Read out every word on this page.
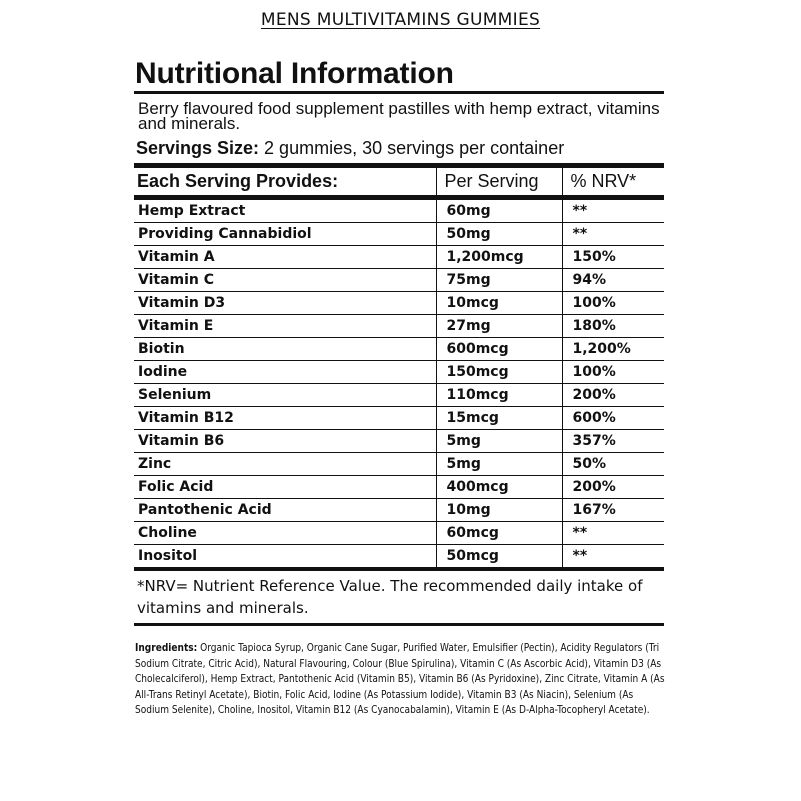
MENS MULTIVITAMINS GUMMIES
Nutritional Information
Berry flavoured food supplement pastilles with hemp extract, vitamins and minerals.
Servings Size: 2 gummies, 30 servings per container
Each Serving Provides:	Per Serving	% NRV*
Hemp Extract	60mg	**
Providing Cannabidiol	50mg	**
Vitamin A	1,200mcg	150%
Vitamin C	75mg	94%
Vitamin D3	10mcg	100%
Vitamin E	27mg	180%
Biotin	600mcg	1,200%
Iodine	150mcg	100%
Selenium	110mcg	200%
Vitamin B12	15mcg	600%
Vitamin B6	5mg	357%
Zinc	5mg	50%
Folic Acid	400mcg	200%
Pantothenic Acid	10mg	167%
Choline	60mcg	**
Inositol	50mcg	**
*NRV= Nutrient Reference Value. The recommended daily intake of vitamins and minerals.
Ingredients: Organic Tapioca Syrup, Organic Cane Sugar, Purified Water, Emulsifier (Pectin), Acidity Regulators (Tri Sodium Citrate, Citric Acid), Natural Flavouring, Colour (Blue Spirulina), Vitamin C (As Ascorbic Acid), Vitamin D3 (As Cholecalciferol), Hemp Extract, Pantothenic Acid (Vitamin B5), Vitamin B6 (As Pyridoxine), Zinc Citrate, Vitamin A (As All-Trans Retinyl Acetate), Biotin, Folic Acid, Iodine (As Potassium Iodide), Vitamin B3 (As Niacin), Selenium (As Sodium Selenite), Choline, Inositol, Vitamin B12 (As Cyanocabalamin), Vitamin E (As D-Alpha-Tocopheryl Acetate).
